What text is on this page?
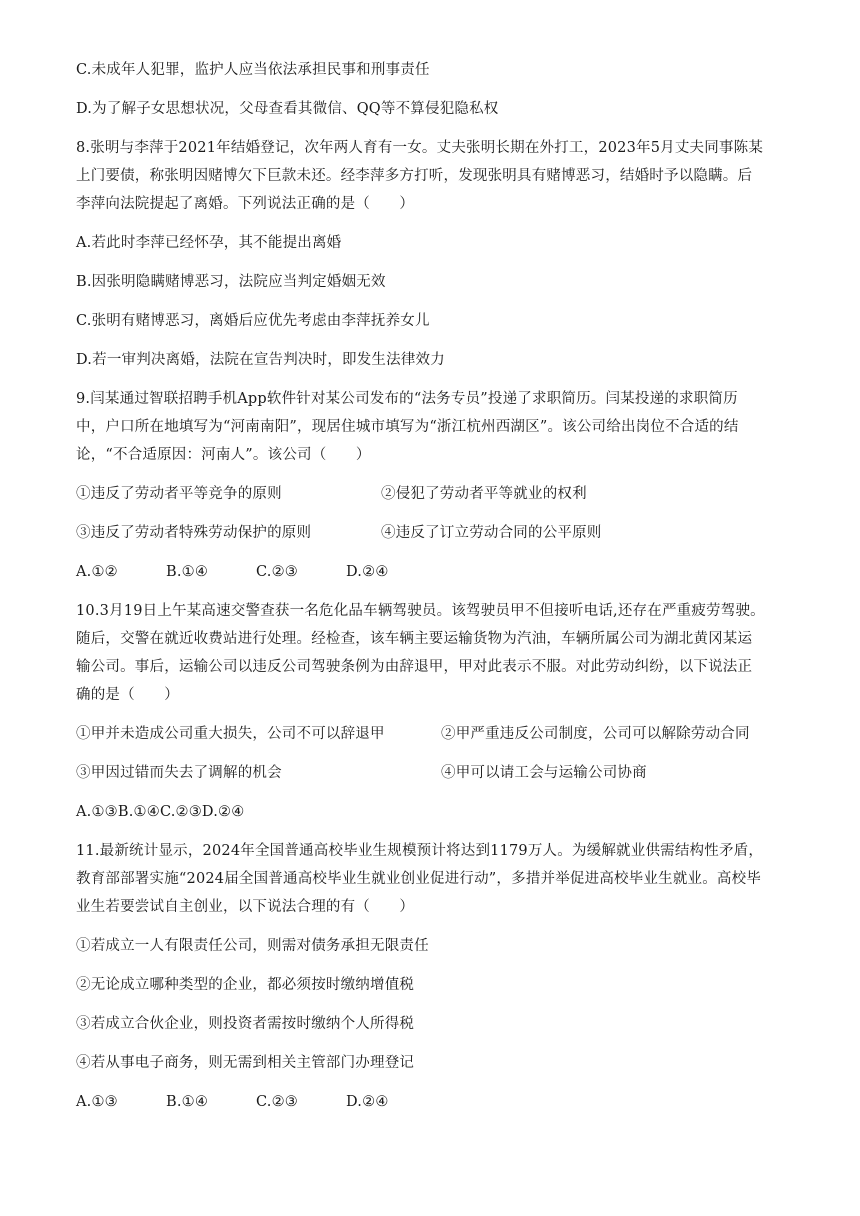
C.未成年人犯罪，监护人应当依法承担民事和刑事责任
D.为了解子女思想状况，父母查看其微信、QQ等不算侵犯隐私权
8.张明与李萍于2021年结婚登记，次年两人育有一女。丈夫张明长期在外打工，2023年5月丈夫同事陈某
上门要债，称张明因赌博欠下巨款未还。经李萍多方打听，发现张明具有赌博恶习，结婚时予以隐瞒。后
李萍向法院提起了离婚。下列说法正确的是（　　）
A.若此时李萍已经怀孕，其不能提出离婚
B.因张明隐瞒赌博恶习，法院应当判定婚姻无效
C.张明有赌博恶习，离婚后应优先考虑由李萍抚养女儿
D.若一审判决离婚，法院在宣告判决时，即发生法律效力
9.闫某通过智联招聘手机App软件针对某公司发布的“法务专员”投递了求职简历。闫某投递的求职简历
中，户口所在地填写为“河南南阳”，现居住城市填写为“浙江杭州西湖区”。该公司给出岗位不合适的结
论，“不合适原因：河南人”。该公司（　　）
①违反了劳动者平等竞争的原则	②侵犯了劳动者平等就业的权利
③违反了劳动者特殊劳动保护的原则	④违反了订立劳动合同的公平原则
A.①②	B.①④	C.②③	D.②④
10.3月19日上午某高速交警查获一名危化品车辆驾驶员。该驾驶员甲不但接听电话,还存在严重疲劳驾驶。
随后，交警在就近收费站进行处理。经检查，该车辆主要运输货物为汽油，车辆所属公司为湖北黄冈某运
输公司。事后，运输公司以违反公司驾驶条例为由辞退甲，甲对此表示不服。对此劳动纠纷，以下说法正
确的是（　　）
①甲并未造成公司重大损失，公司不可以辞退甲	②甲严重违反公司制度，公司可以解除劳动合同
③甲因过错而失去了调解的机会	④甲可以请工会与运输公司协商
A.①③B.①④C.②③D.②④
11.最新统计显示，2024年全国普通高校毕业生规模预计将达到1179万人。为缓解就业供需结构性矛盾，
教育部部署实施“2024届全国普通高校毕业生就业创业促进行动”，多措并举促进高校毕业生就业。高校毕
业生若要尝试自主创业，以下说法合理的有（　　）
①若成立一人有限责任公司，则需对债务承担无限责任
②无论成立哪种类型的企业，都必须按时缴纳增值税
③若成立合伙企业，则投资者需按时缴纳个人所得税
④若从事电子商务，则无需到相关主管部门办理登记
A.①③	B.①④	C.②③	D.②④
